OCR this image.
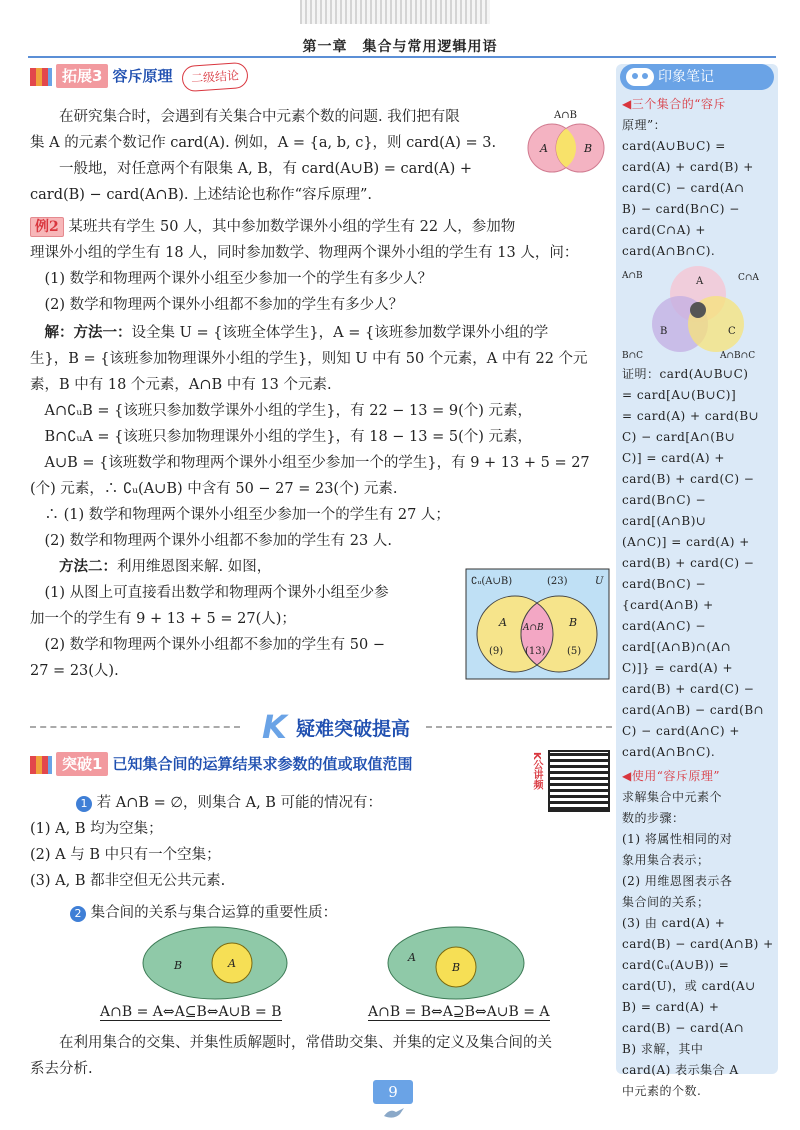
第一章　集合与常用逻辑用语
印象笔记
◀三个集合的“容斥
原理”：
card(A∪B∪C) =
card(A) + card(B) +
card(C) − card(A∩
B) − card(B∩C) −
card(C∩A) +
card(A∩B∩C).
A
B	C
A∩B	C∩A
B∩C	A∩B∩C
证明：card(A∪B∪C)
= card[A∪(B∪C)]
= card(A) + card(B∪
C) − card[A∩(B∪
C)] = card(A) +
card(B) + card(C) −
card(B∩C) −
card[(A∩B)∪
(A∩C)] = card(A) +
card(B) + card(C) −
card(B∩C) −
{card(A∩B) +
card(A∩C) −
card[(A∩B)∩(A∩
C)]} = card(A) +
card(B) + card(C) −
card(A∩B) − card(B∩
C) − card(A∩C) +
card(A∩B∩C).
◀使用“容斥原理”
求解集合中元素个
数的步骤：
(1) 将属性相同的对
象用集合表示；
(2) 用维恩图表示各
集合间的关系；
(3) 由 card(A) +
card(B) − card(A∩B) +
card(∁ᵤ(A∪B)) =
card(U)，或 card(A∪
B) = card(A) +
card(B) − card(A∩
B) 求解，其中
card(A) 表示集合 A
中元素的个数.
拓展3 容斥原理 二级结论
在研究集合时，会遇到有关集合中元素个数的问题. 我们把有限
集 A 的元素个数记作 card(A). 例如，A = {a, b, c}，则 card(A) = 3.
一般地，对任意两个有限集 A, B，有 card(A∪B) = card(A) +
card(B) − card(A∩B). 上述结论也称作“容斥原理”.
A∩B
A	B
例2 某班共有学生 50 人，其中参加数学课外小组的学生有 22 人，参加物
理课外小组的学生有 18 人，同时参加数学、物理两个课外小组的学生有 13 人，问：
(1) 数学和物理两个课外小组至少参加一个的学生有多少人？
(2) 数学和物理两个课外小组都不参加的学生有多少人？
解：方法一：设全集 U = {该班全体学生}，A = {该班参加数学课外小组的学
生}，B = {该班参加物理课外小组的学生}，则知 U 中有 50 个元素，A 中有 22 个元
素，B 中有 18 个元素，A∩B 中有 13 个元素.
A∩∁ᵤB = {该班只参加数学课外小组的学生}，有 22 − 13 = 9(个) 元素，
B∩∁ᵤA = {该班只参加物理课外小组的学生}，有 18 − 13 = 5(个) 元素，
A∪B = {该班数学和物理两个课外小组至少参加一个的学生}，有 9 + 13 + 5 = 27
(个) 元素，∴ ∁ᵤ(A∪B) 中含有 50 − 27 = 23(个) 元素.
∴ (1) 数学和物理两个课外小组至少参加一个的学生有 27 人；
(2) 数学和物理两个课外小组都不参加的学生有 23 人.
方法二：利用维恩图来解. 如图，
(1) 从图上可直接看出数学和物理两个课外小组至少参
加一个的学生有 9 + 13 + 5 = 27(人)；
(2) 数学和物理两个课外小组都不参加的学生有 50 −
27 = 23(人).
∁ᵤ(A∪B)	(23)	U
A	B
A∩B
(9) (13) (5)
K 疑难突破提高
突破1 已知集合间的运算结果求参数的值或取值范围	K公讲频
1 若 A∩B = ∅，则集合 A, B 可能的情况有：
(1) A, B 均为空集；
(2) A 与 B 中只有一个空集；
(3) A, B 都非空但无公共元素.
2 集合间的关系与集合运算的重要性质：
B	A
A∩B = A⇔A⊆B⇔A∪B = B
A
B
A∩B = B⇔A⊇B⇔A∪B = A
在利用集合的交集、并集性质解题时，常借助交集、并集的定义及集合间的关
系去分析.
9
